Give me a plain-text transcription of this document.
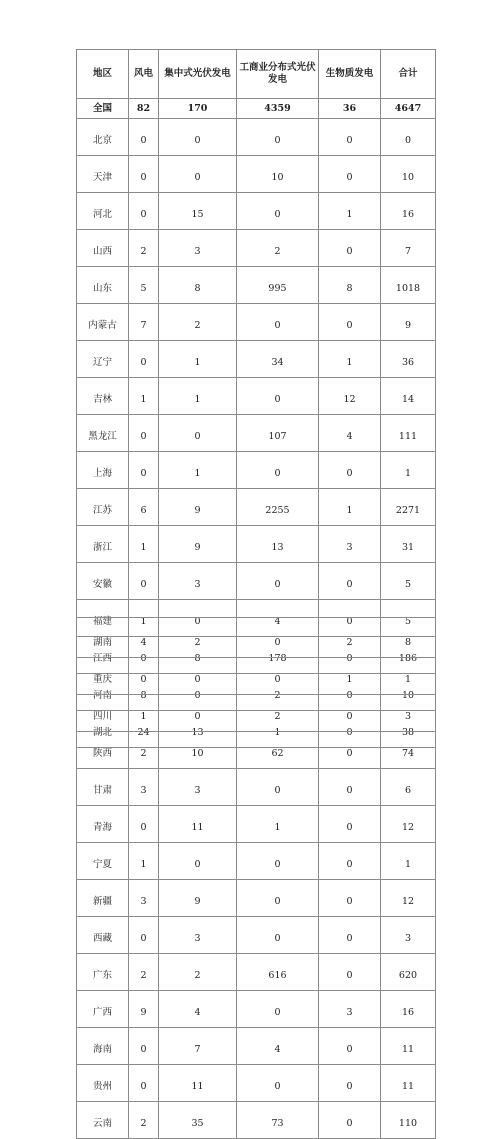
地区	风电	集中式光伏发电	工商业分布式光伏发电	生物质发电	合计
全国	82	170	4359	36	4647
北京	0	0	0	0	0
天津	0	0	10	0	10
河北	0	15	0	1	16
山西	2	3	2	0	7
山东	5	8	995	8	1018
内蒙古	7	2	0	0	9
辽宁	0	1	34	1	36
吉林	1	1	0	12	14
黑龙江	0	0	107	4	111
上海	0	1	0	0	1
江苏	6	9	2255	1	2271
浙江	1	9	13	3	31
安徽	0	3	0	0	5
福建	1	0	4	0	5
江西	0	8	178	0	186
河南	8	0	2	0	10
湖北	24	13	1	0	38
湖南	4	2	0	2	8
重庆	0	0	0	1	1
四川	1	0	2	0	3
陕西	2	10	62	0	74
甘肃	3	3	0	0	6
青海	0	11	1	0	12
宁夏	1	0	0	0	1
新疆	3	9	0	0	12
西藏	0	3	0	0	3
广东	2	2	616	0	620
广西	9	4	0	3	16
海南	0	7	4	0	11
贵州	0	11	0	0	11
云南	2	35	73	0	110
